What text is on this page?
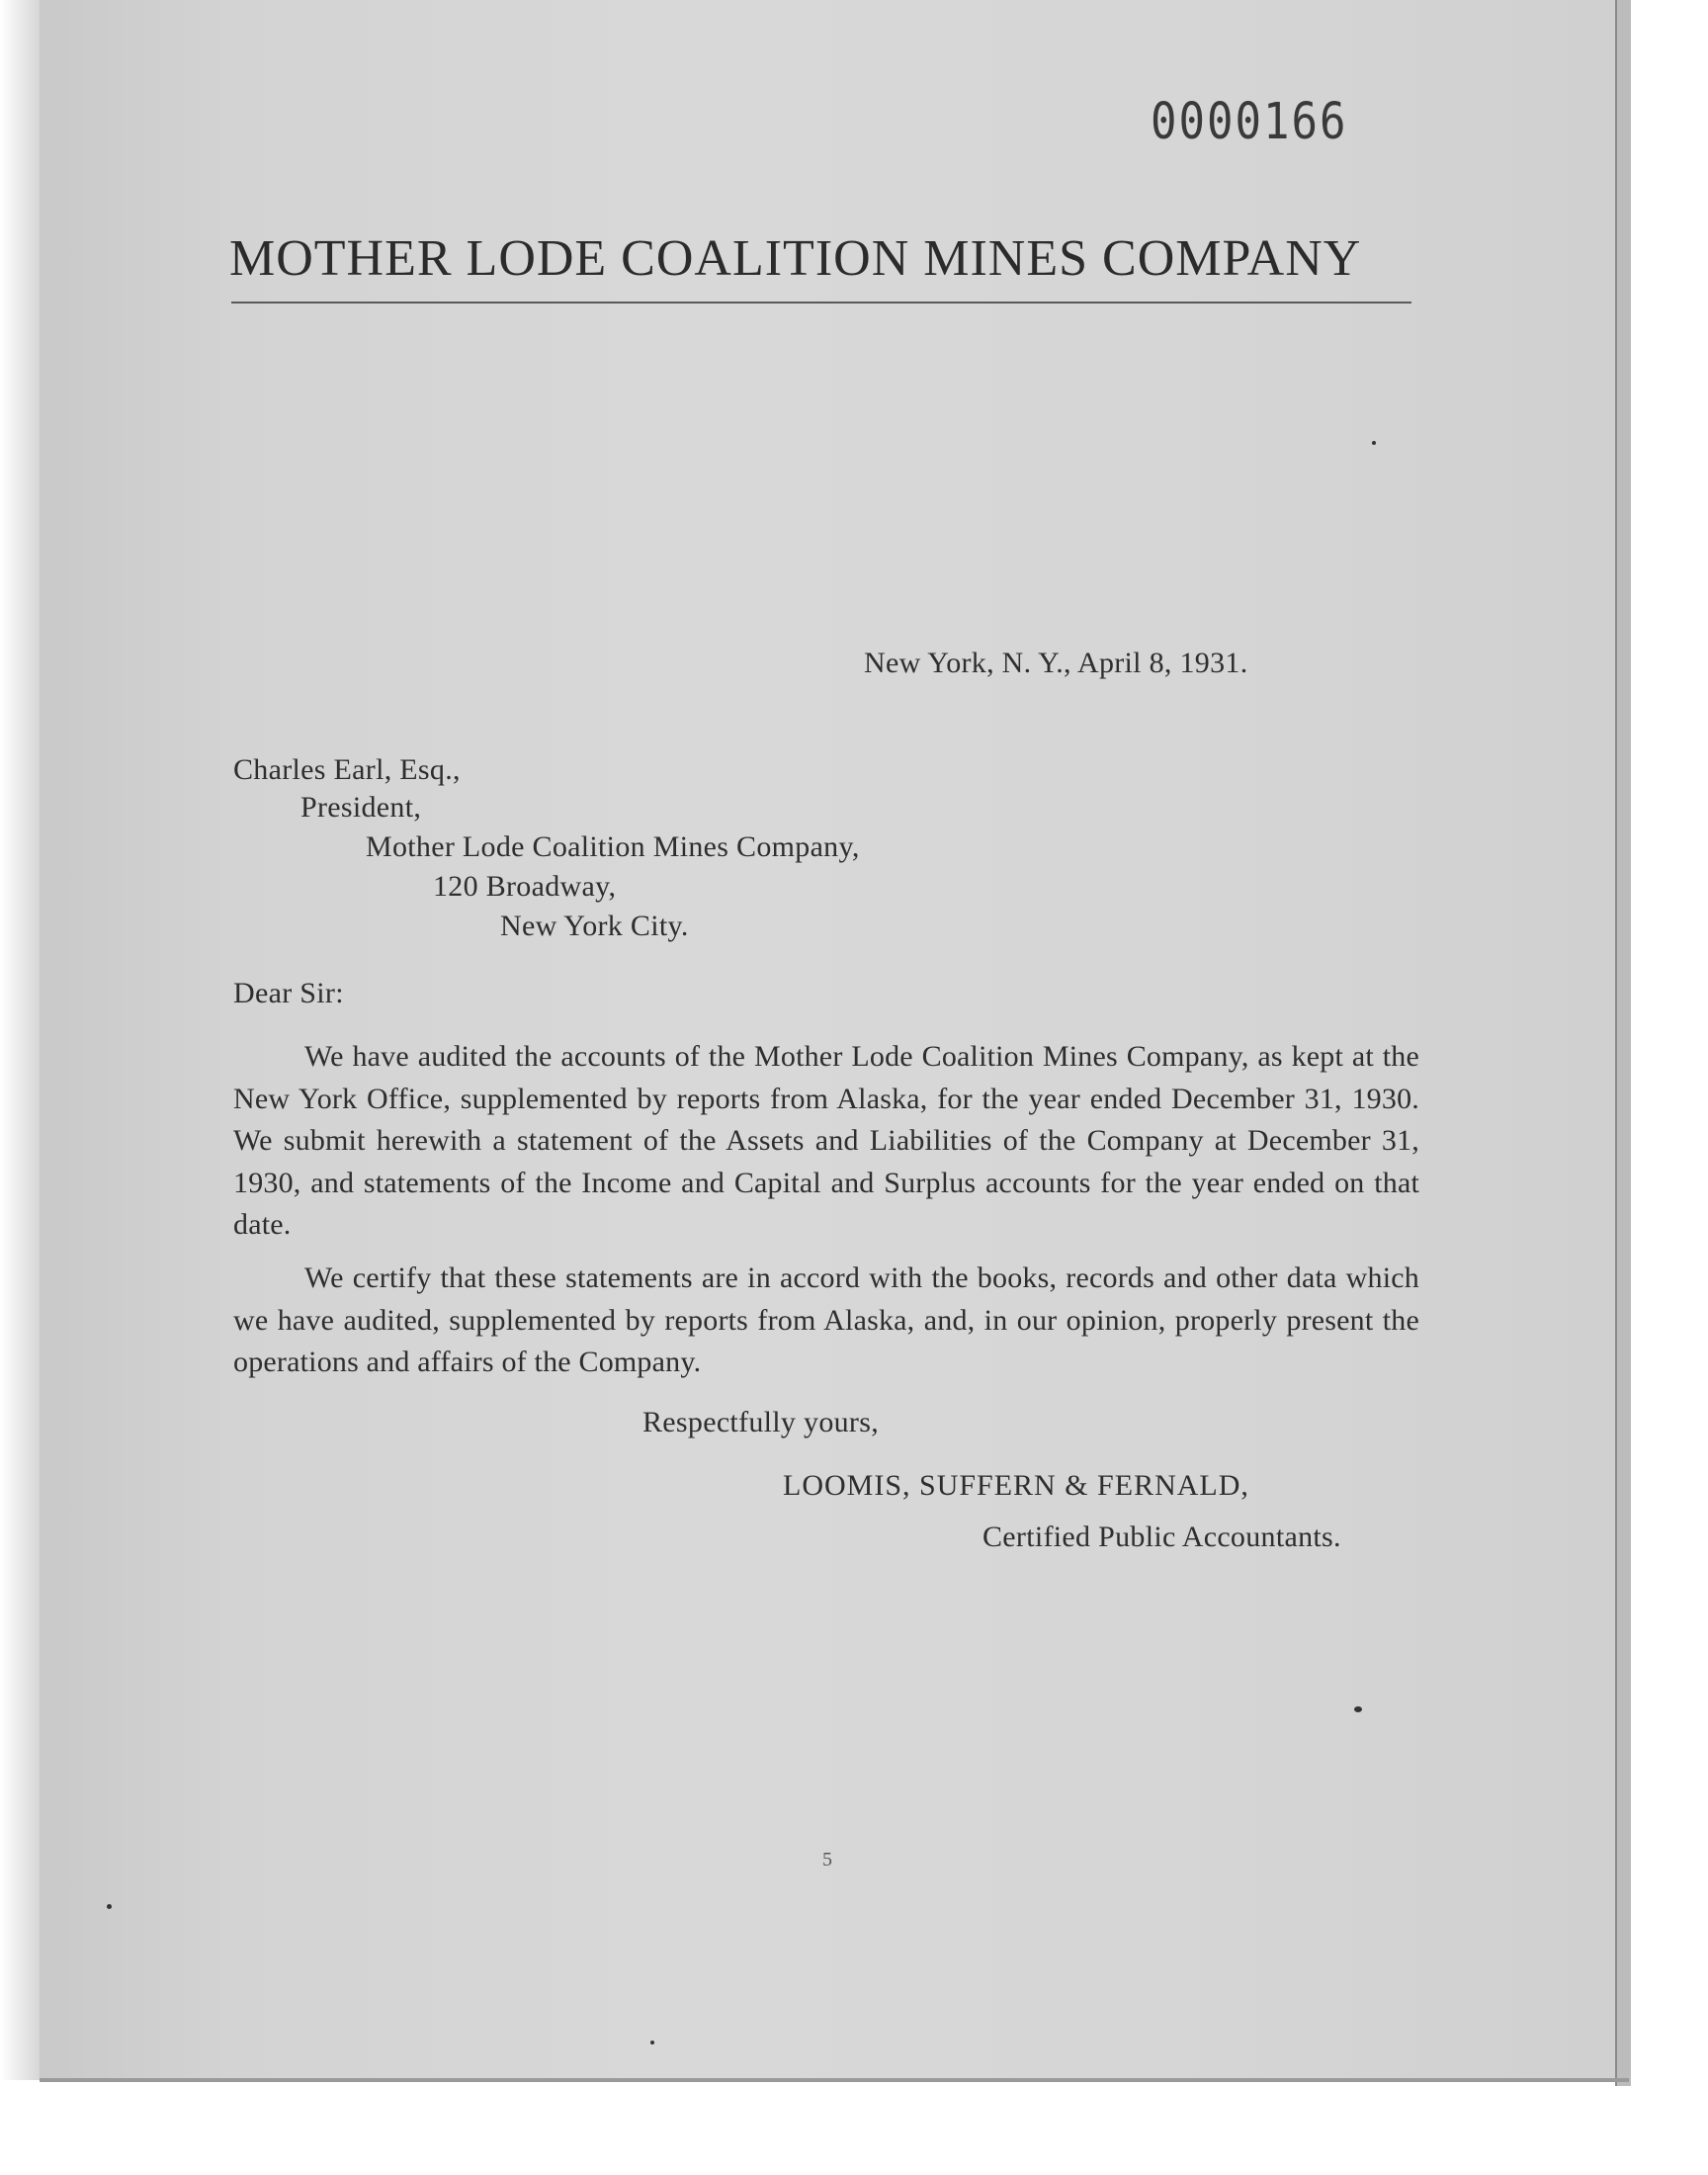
0000166
MOTHER LODE COALITION MINES COMPANY
New York, N. Y., April 8, 1931.
Charles Earl, Esq.,
President,
Mother Lode Coalition Mines Company,
120 Broadway,
New York City.
Dear Sir:
We have audited the accounts of the Mother Lode Coalition Mines Company, as kept at the New York Office, supplemented by reports from Alaska, for the year ended December 31, 1930. We submit herewith a statement of the Assets and Liabilities of the Company at December 31, 1930, and statements of the Income and Capital and Surplus accounts for the year ended on that date.
We certify that these statements are in accord with the books, records and other data which we have audited, supplemented by reports from Alaska, and, in our opinion, properly present the operations and affairs of the Company.
Respectfully yours,
LOOMIS, SUFFERN & FERNALD,
Certified Public Accountants.
5
